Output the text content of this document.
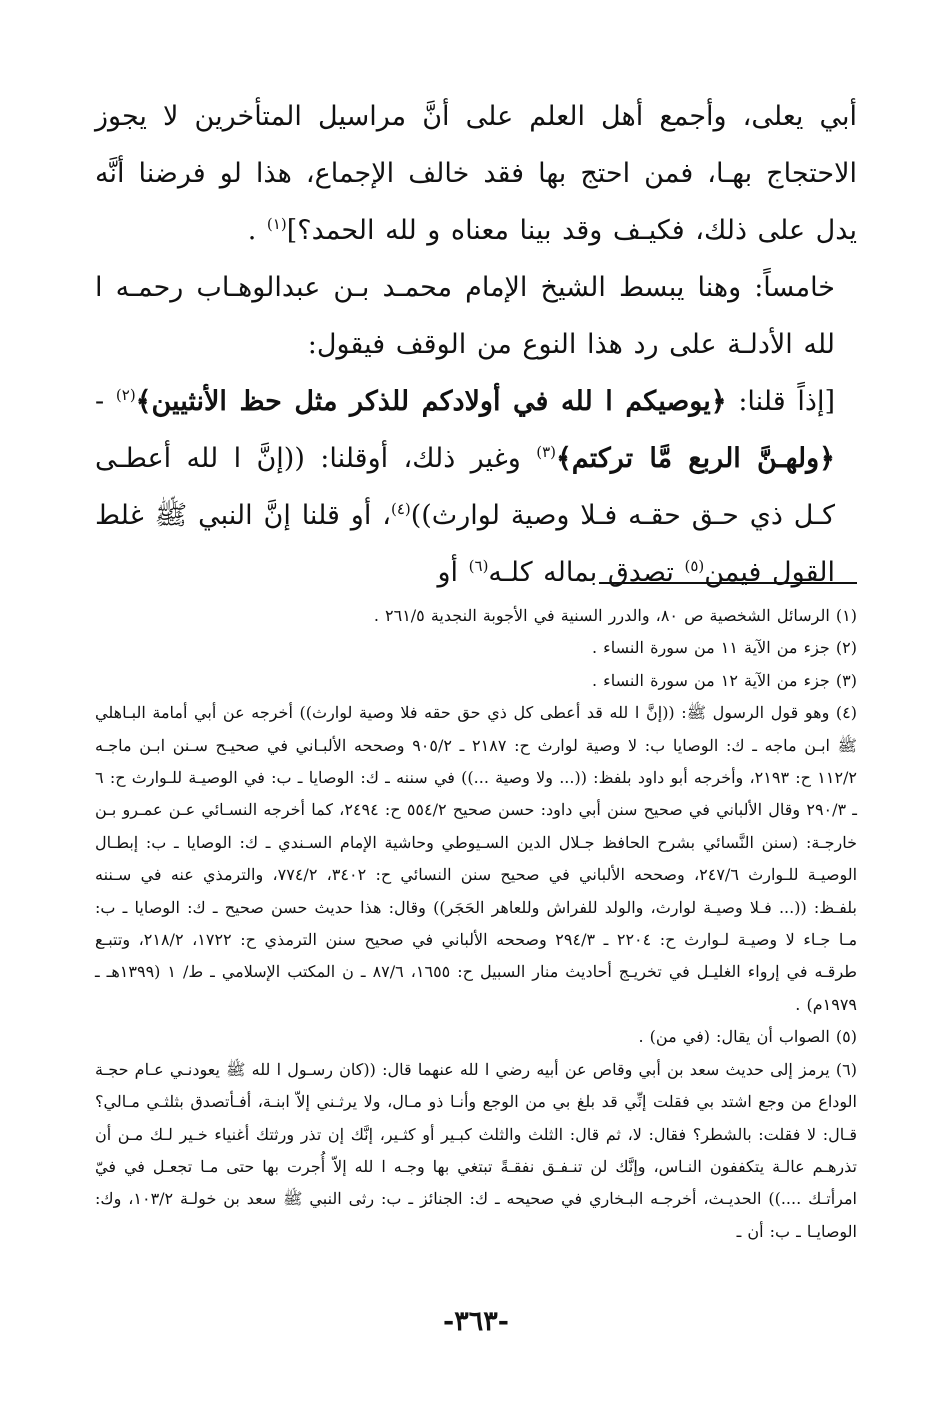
أبي يعلى، وأجمع أهل العلم على أنَّ مراسيل المتأخرين لا يجوز الاحتجاج بهـا، فمن احتج بها فقد خالف الإجماع، هذا لو فرضنا أنَّه يدل على ذلك، فكيـف وقد بينا معناه و لله الحمد؟]$^{(١)}$ .

خامساً: وهنا يبسط الشيخ الإمام محمـد بـن عبدالوهـاب رحمـه ا لله الأدلـة على رد هذا النوع من الوقف فيقول:

[إذاً قلنا: ﴿يوصيكم ا لله في أولادكم للذكر مثل حظ الأنثيين﴾$^{(٢)}$ - ﴿ولهـنَّ الربع مَّا تركتم﴾$^{(٣)}$ وغير ذلك، أوقلنا: ((إنَّ ا لله أعطـى كـل ذي حـق حقـه فـلا وصية لوارث))$^{(٤)}$، أو قلنا إنَّ النبي ﷺ غلط القول فيمن$^{(٥)}$ تصدق بماله كلـه$^{(٦)}$ أو

(١) الرسائل الشخصية ص ٨٠، والدرر السنية في الأجوبة النجدية ٢٦١/٥ .

(٢) جزء من الآية ١١ من سورة النساء .

(٣) جزء من الآية ١٢ من سورة النساء .

(٤) وهو قول الرسول ﷺ: ((إنَّ ا لله قد أعطى كل ذي حق حقه فلا وصية لوارث)) أخرجه عن أبي أمامة البـاهلي ﷺ ابـن ماجه ـ ك: الوصايا ب: لا وصية لوارث ح: ٢١٨٧ ـ ٩٠٥/٢ وصححه الألبـاني في صحيـح سـنن ابـن ماجـه ١١٢/٢ ح: ٢١٩٣، وأخرجه أبو داود بلفظ: ((... ولا وصية ...)) في سننه ـ ك: الوصايا ـ ب: في الوصيـة للـوارث ح: ٦ ـ ٢٩٠/٣ وقال الألباني في صحيح سنن أبي داود: حسن صحيح ٥٥٤/٢ ح: ٢٤٩٤، كما أخرجه النسـائي عـن عمـرو بـن خارجـة: (سنن النَّسائي بشرح الحافظ جـلال الدين السـيوطي وحاشية الإمام السـندي ـ ك: الوصايا ـ ب: إبطـال الوصيـة للـوارث ٢٤٧/٦، وصححه الألباني في صحيح سنن النسائي ح: ٣٤٠٢، ٧٧٤/٢، والترمذي عنه في سـننه بلفـظ: ((... فـلا وصيـة لوارث، والولد للفراش وللعاهر الحَجَر)) وقال: هذا حديث حسن صحيح ـ ك: الوصايا ـ ب: مـا جـاء لا وصيـة لـوارث ح: ٢٢٠٤ ـ ٢٩٤/٣ وصححه الألباني في صحيح سنن الترمذي ح: ١٧٢٢، ٢١٨/٢، وتتبـع طرقـه في إرواء الغليـل في تخريـج أحاديث منار السبيل ح: ١٦٥٥، ٨٧/٦ ـ ن المكتب الإسلامي ـ ط/ ١ (١٣٩٩هـ ـ ١٩٧٩م) .

(٥) الصواب أن يقال: (في من) .

(٦) يرمز إلى حديث سعد بن أبي وقاص عن أبيه رضي ا لله عنهما قال: ((كان رسـول ا لله ﷺ يعودنـي عـام حجـة الوداع من وجع اشتد بي فقلت إنِّي قد بلغ بي من الوجع وأنـا ذو مـال، ولا يرثـني إلاّ ابنـة، أفـأتصدق بثلثـي مـالي؟ قـال: لا فقلت: بالشطر؟ فقال: لا، ثم قال: الثلث والثلث كبـير أو كثـير، إنَّك إن تذر ورثتك أغنياء خـير لـك مـن أن تذرهـم عالـة يتكففون النـاس، وإنَّك لن تنـفـق نفقـةً تبتغي بها وجـه ا لله إلاّ أُجرت بها حتى مـا تجعـل في فيّ امرأتـك ....)) الحديـث، أخرجـه البـخاري في صحيحه ـ ك: الجنائز ـ ب: رثى النبي ﷺ سعد بن خولـة ١٠٣/٢، وك: الوصايـا ـ ب: أن ـ

-٣٦٣-
